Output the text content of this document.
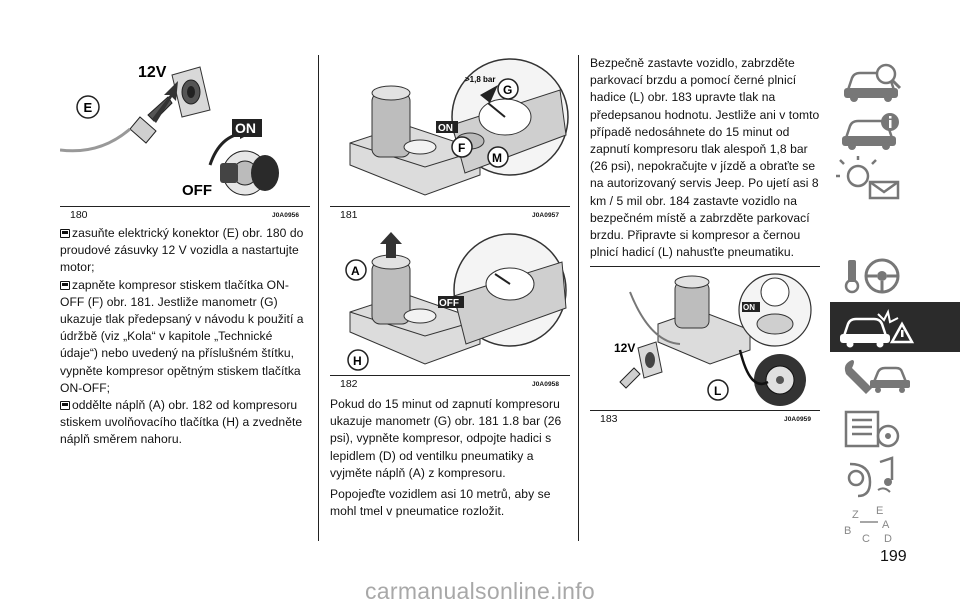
12V
E
ON
OFF
180	J0A0956

zasuňte elektrický konektor (E) obr. 180 do proudové zásuvky 12 V vozidla a nastartujte motor;

zapněte kompresor stiskem tlačítka ON-OFF (F) obr. 181. Jestliže manometr (G) ukazuje tlak předepsaný v návodu k použití a údržbě (viz „Kola“ v kapitole „Technické údaje“) nebo uvedený na příslušném štítku, vypněte kompresor opětným stiskem tlačítka ON-OFF;

oddělte náplň (A) obr. 182 od kompresoru stiskem uvolňovacího tlačítka (H) a zvedněte náplň směrem nahoru.

>1,8 bar
G
ON
F
M
181	J0A0957
A
OFF
H
182	J0A0958

Pokud do 15 minut od zapnutí kompresoru ukazuje manometr (G) obr. 181 1.8 bar (26 psi), vypněte kompresor, odpojte hadici s lepidlem (D) od ventilku pneumatiky a vyjměte náplň (A) z kompresoru.

Popojeďte vozidlem asi 10 metrů, aby se mohl tmel v pneumatice rozložit.

Bezpečně zastavte vozidlo, zabrzděte parkovací brzdu a pomocí černé plnicí hadice (L) obr. 183 upravte tlak na předepsanou hodnotu. Jestliže ani v tomto případě nedosáhnete do 15 minut od zapnutí kompresoru tlak alespoň 1,8 bar (26 psi), nepokračujte v jízdě a obraťte se na autorizovaný servis Jeep. Po ujetí asi 8 km / 5 mil obr. 184 zastavte vozidlo na bezpečném místě a zabrzděte parkovací brzdu. Připravte si kompresor a černou plnicí hadicí (L) nahusťte pneumatiku.

ON
12V
L
183	J0A0959
Z E
B
C
A
D
199
carmanualsonline.info
